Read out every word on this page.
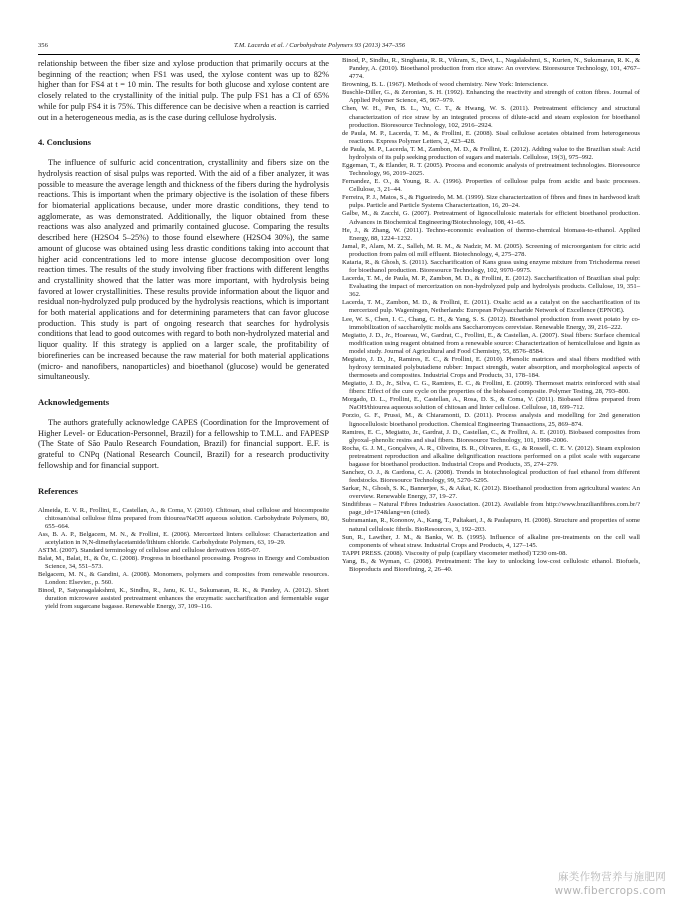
356	T.M. Lacerda et al. / Carbohydrate Polymers 93 (2013) 347–356

relationship between the fiber size and xylose production that primarily occurs at the beginning of the reaction; when FS1 was used, the xylose content was up to 82% higher than for FS4 at t = 10 min. The results for both glucose and xylose content are closely related to the crystallinity of the initial pulp. The pulp FS1 has a CI of 65% while for pulp FS4 it is 75%. This difference can be decisive when a reaction is carried out in a heterogeneous media, as is the case during cellulose hydrolysis.

4. Conclusions

The influence of sulfuric acid concentration, crystallinity and fibers size on the hydrolysis reaction of sisal pulps was reported. With the aid of a fiber analyzer, it was possible to measure the average length and thickness of the fibers during the hydrolysis reactions. This is important when the primary objective is the isolation of these fibers for biomaterial applications because, under more drastic conditions, they tend to agglomerate, as was demonstrated. Additionally, the liquor obtained from these reactions was also analyzed and primarily contained glucose. Comparing the results described here (H2SO4 5–25%) to those found elsewhere (H2SO4 30%), the same amount of glucose was obtained using less drastic conditions taking into account that higher acid concentrations led to more intense glucose decomposition over long reaction times. The results of the study involving fiber fractions with different lengths and crystallinity showed that the latter was more important, with hydrolysis being favored at lower crystallinities. These results provide information about the liquor and residual non-hydrolyzed pulp produced by the hydrolysis reactions, which is important for both material applications and for determining parameters that can favor glucose production. This study is part of ongoing research that searches for hydrolysis conditions that lead to good outcomes with regard to both non-hydrolyzed material and liquor quality. If this strategy is applied on a larger scale, the profitability of biorefineries can be increased because the raw material for both material applications (micro- and nanofibers, nanoparticles) and bioethanol (glucose) would be generated simultaneously.

Acknowledgements

The authors gratefully acknowledge CAPES (Coordination for the Improvement of Higher Level- or Education-Personnel, Brazil) for a fellowship to T.M.L. and FAPESP (The State of São Paulo Research Foundation, Brazil) for financial support. E.F. is grateful to CNPq (National Research Council, Brazil) for a research productivity fellowship and for financial support.

References
Almeida, E. V. R., Frollini, E., Castellan, A., & Coma, V. (2010). Chitosan, sisal cellulose and biocomposite chitosan/sisal cellulose films prepared from thiourea/NaOH aqueous solution. Carbohydrate Polymers, 80, 655–664.
Ass, B. A. P., Belgacem, M. N., & Frollini, E. (2006). Mercerized linters cellulose: Characterization and acetylation in N,N-dimethylacetamide/lithium chloride. Carbohydrate Polymers, 63, 19–29.
ASTM. (2007). Standard terminology of cellulose and cellulose derivatives 1695-07.
Balat, M., Balat, H., & Öz, C. (2008). Progress in bioethanol processing. Progress in Energy and Combustion Science, 34, 551–573.
Belgacem, M. N., & Gandini, A. (2008). Monomers, polymers and composites from renewable resources. London: Elsevier., p. 560.
Binod, P., Satyanagalakshmi, K., Sindhu, R., Janu, K. U., Sukumaran, R. K., & Pandey, A. (2012). Short duration microwave assisted pretreatment enhances the enzymatic saccharification and fermentable sugar yield from sugarcane bagasse. Renewable Energy, 37, 109–116.
Binod, P., Sindhu, R., Singhania, R. R., Vikram, S., Devi, L., Nagalakshmi, S., Kurien, N., Sukumaran, R. K., & Pandey, A. (2010). Bioethanol production from rice straw: An overview. Bioresource Technology, 101, 4767–4774.
Browning, B. L. (1967). Methods of wood chemistry. New York: Interscience.
Buschle-Diller, G., & Zeronian, S. H. (1992). Enhancing the reactivity and strength of cotton fibres. Journal of Applied Polymer Science, 45, 967–979.
Chen, W. H., Pen, B. L., Yu, C. T., & Hwang, W. S. (2011). Pretreatment efficiency and structural characterization of rice straw by an integrated process of dilute-acid and steam explosion for bioethanol production. Bioresource Technology, 102, 2916–2924.
de Paula, M. P., Lacerda, T. M., & Frollini, E. (2008). Sisal cellulose acetates obtained from heterogeneous reactions. Express Polymer Letters, 2, 423–428.
de Paula, M. P., Lacerda, T. M., Zambon, M. D., & Frollini, E. (2012). Adding value to the Brazilian sisal: Acid hydrolysis of its pulp seeking production of sugars and materials. Cellulose, 19(3), 975–992.
Eggeman, T., & Elander, R. T. (2005). Process and economic analysis of pretreatment technologies. Bioresource Technology, 96, 2019–2025.
Fernandez, E. O., & Young, R. A. (1996). Properties of cellulose pulps from acidic and basic processes. Cellulose, 3, 21–44.
Ferreira, P. J., Matos, S., & Figueiredo, M. M. (1999). Size characterization of fibres and fines in hardwood kraft pulps. Particle and Particle Systems Characterization, 16, 20–24.
Galbe, M., & Zacchi, G. (2007). Pretreatment of lignocellulosic materials for efficient bioethanol production. Advances in Biochemical Engineering/Biotechnology, 108, 41–65.
He, J., & Zhang, W. (2011). Techno-economic evaluation of thermo-chemical biomass-to-ethanol. Applied Energy, 88, 1224–1232.
Jamal, P., Alam, M. Z., Salleh, M. R. M., & Nadzir, M. M. (2005). Screening of microorganism for citric acid production from palm oil mill effluent. Biotechnology, 4, 275–278.
Kataria, R., & Ghosh, S. (2011). Saccharification of Kans grass using enzyme mixture from Trichoderma reesei for bioethanol production. Bioresource Technology, 102, 9970–9975.
Lacerda, T. M., de Paula, M. P., Zambon, M. D., & Frollini, E. (2012). Saccharification of Brazilian sisal pulp: Evaluating the impact of mercerization on non-hydrolyzed pulp and hydrolysis products. Cellulose, 19, 351–362.
Lacerda, T. M., Zambon, M. D., & Frollini, E. (2011). Oxalic acid as a catalyst on the saccharification of its mercerized pulp. Wageningen, Netherlands: European Polysaccharide Network of Excellence (EPNOE).
Lee, W. S., Chen, I. C., Chang, C. H., & Yang, S. S. (2012). Bioethanol production from sweet potato by co-immobilization of saccharolytic molds ans Saccharomyces cerevisiae. Renewable Energy, 39, 216–222.
Megiatto, J. D., Jr., Hoareau, W., Gardrat, C., Frollini, E., & Castellan, A. (2007). Sisal fibers: Surface chemical modification using reagent obtained from a renewable source: Characterization of hemicellulose and lignin as model study. Journal of Agricultural and Food Chemistry, 55, 8576–8584.
Megiatto, J. D., Jr., Ramires, E. C., & Frollini, E. (2010). Phenolic matrices and sisal fibers modified with hydroxy terminated polybutadiene rubber: Impact strength, water absorption, and morphological aspects of thermosets and composites. Industrial Crops and Products, 31, 178–184.
Megiatto, J. D., Jr., Silva, C. G., Ramires, E. C., & Frollini, E. (2009). Thermoset matrix reinforced with sisal fibers: Effect of the cure cycle on the properties of the biobased composite. Polymer Testing, 28, 793–800.
Morgado, D. L., Frollini, E., Castellan, A., Rosa, D. S., & Coma, V. (2011). Biobased films prepared from NaOH/thiourea aqueous solution of chitosan and linter cellulose. Cellulose, 18, 699–712.
Porzio, G. F., Prussi, M., & Chiaramonti, D. (2011). Process analysis and modelling for 2nd generation lignocellulosic bioethanol production. Chemical Engineering Transactions, 25, 869–874.
Ramires, E. C., Megiatto, Jr., Gardrat, J. D., Castellan, C., & Frollini, A. E. (2010). Biobased composites from glyoxal–phenolic resins and sisal fibers. Bioresource Technology, 101, 1998–2006.
Rocha, G. J. M., Gonçalves, A. R., Oliveira, B. R., Olivares, E. G., & Rossell, C. E. V. (2012). Steam explosion pretreatment reproduction and alkaline delignification reactions performed on a pilot scale with sugarcane bagasse for bioethanol production. Industrial Crops and Products, 35, 274–279.
Sanchez, O. J., & Cardona, C. A. (2008). Trends in biotechnological production of fuel ethanol from different feedstocks. Bioresource Technology, 99, 5270–5295.
Sarkar, N., Ghosh, S. K., Bannerjee, S., & Aikat, K. (2012). Bioethanol production from agricultural wastes: An overview. Renewable Energy, 37, 19–27.
Sindifibras – Natural Fibres Industries Association. (2012). Available from http://www.brazilianfibres.com.br/?page_id=174&lang=en (cited).
Subramanian, R., Kononov, A., Kang, T., Paltakari, J., & Paulapuro, H. (2008). Structure and properties of some natural cellulosic fibrils. BioResources, 3, 192–203.
Sun, R., Lawther, J. M., & Banks, W. B. (1995). Influence of alkaline pre-treatments on the cell wall components of wheat straw. Industrial Crops and Products, 4, 127–145.
TAPPI PRESS. (2008). Viscosity of pulp (capillary viscometer method) T230 om-08.
Yang, B., & Wyman, C. (2008). Pretreatment: The key to unlocking low-cost cellulosic ethanol. Biofuels, Bioproducts and Biorefining, 2, 26–40.
麻类作物营养与施肥网
www.fibercrops.com
